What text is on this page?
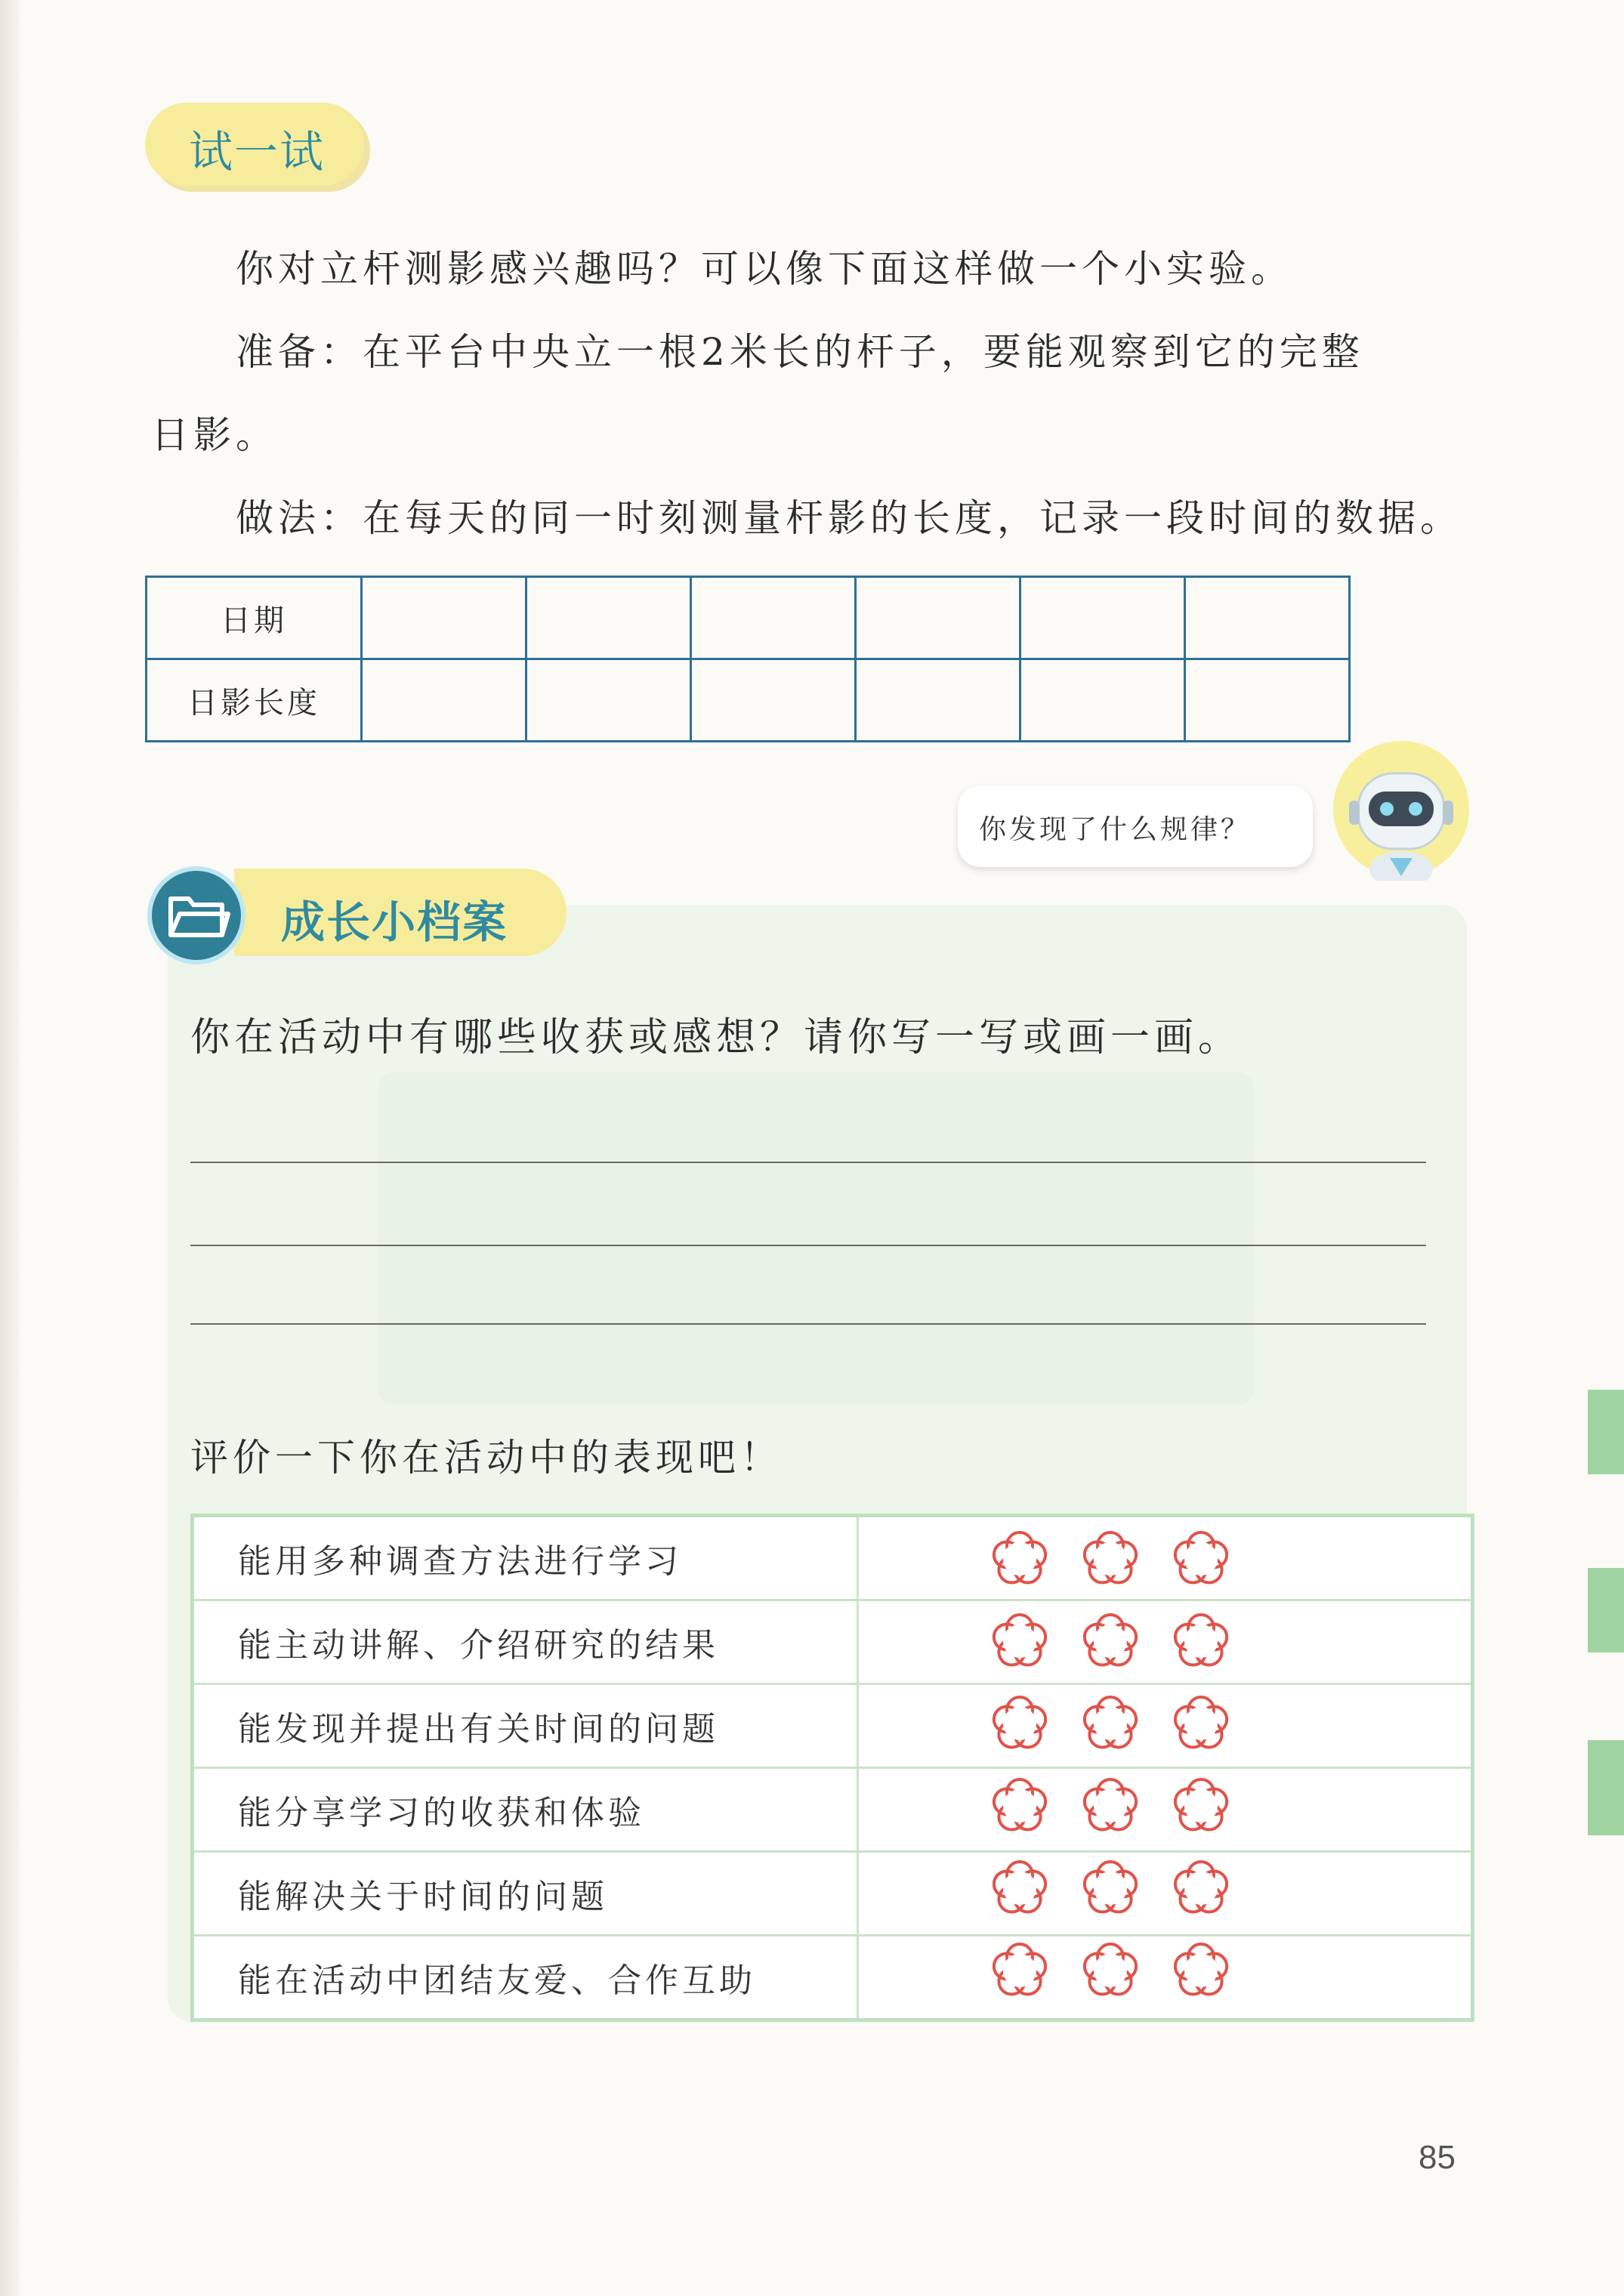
试一试
你对立杆测影感兴趣吗？可以像下面这样做一个小实验。
准备：在平台中央立一根2米长的杆子，要能观察到它的完整
日影。
做法：在每天的同一时刻测量杆影的长度，记录一段时间的数据。
日期						
日影长度						
你发现了什么规律？
成长小档案
你在活动中有哪些收获或感想？请你写一写或画一画。
评价一下你在活动中的表现吧！
能用多种调查方法进行学习	
能主动讲解、介绍研究的结果	
能发现并提出有关时间的问题	
能分享学习的收获和体验	
能解决关于时间的问题	
能在活动中团结友爱、合作互助	
85
